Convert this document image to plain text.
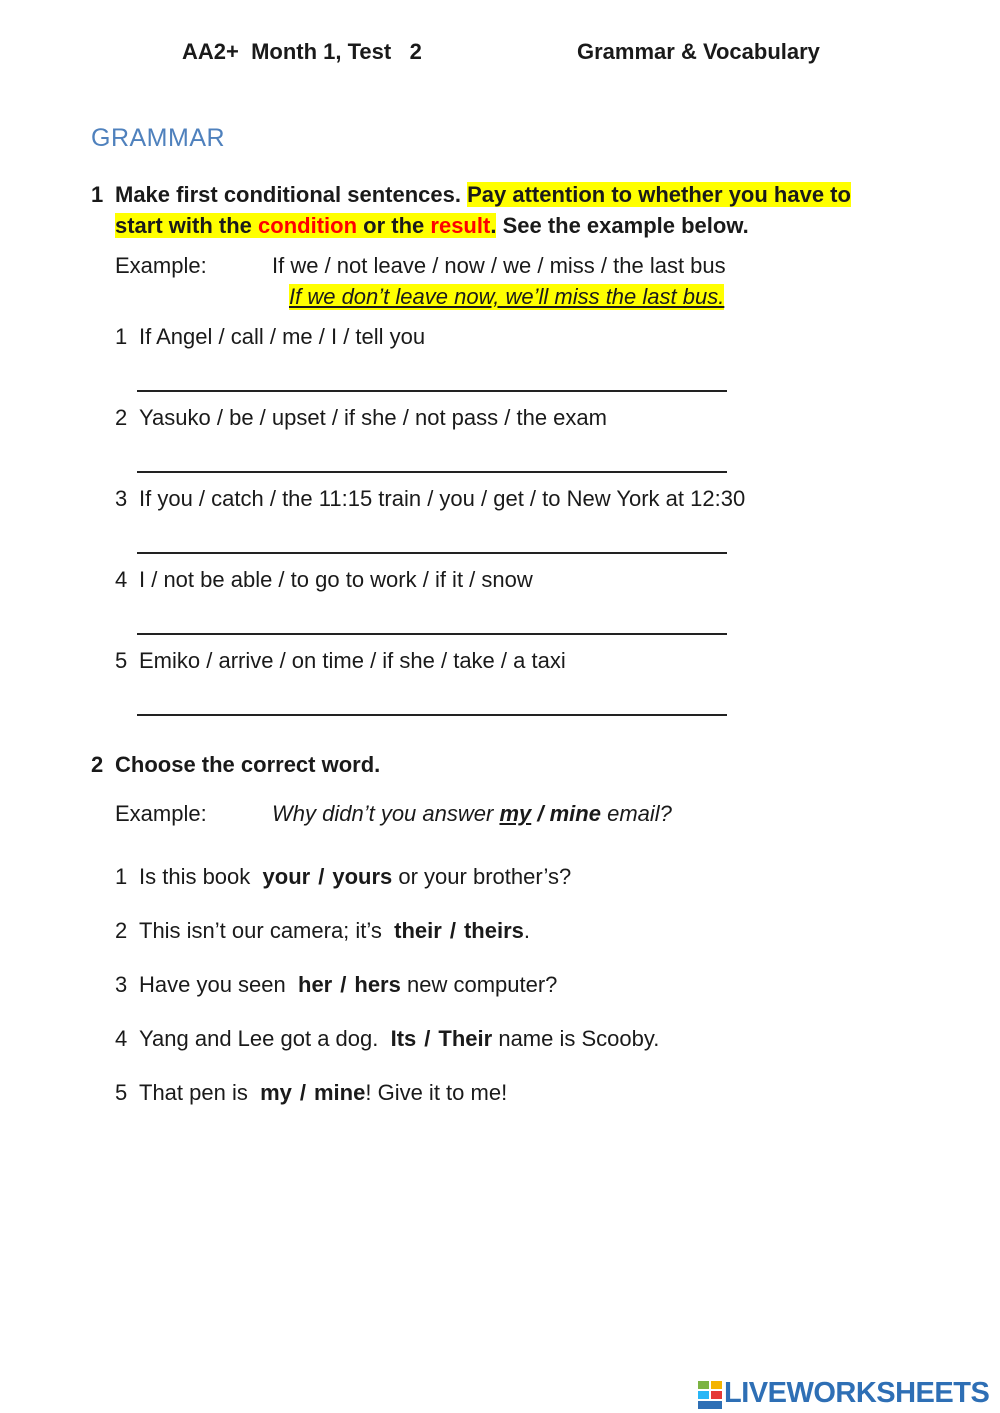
AA2+  Month 1, Test   2	Grammar & Vocabulary
GRAMMAR
1 Make first conditional sentences. Pay attention to whether you have to
start with the condition or the result. See the example below.
Example:	If we / not leave / now / we / miss / the last bus
If we don’t leave now, we’ll miss the last bus.
1 If Angel / call / me / I / tell you
2 Yasuko / be / upset / if she / not pass / the exam
3 If you / catch / the 11:15 train / you / get / to New York at 12:30
4 I / not be able / to go to work / if it / snow
5 Emiko / arrive / on time / if she / take / a taxi
2 Choose the correct word.
Example:	Why didn’t you answer my / mine email?
1 Is this book your / yours or your brother’s?
2 This isn’t our camera; it’s their / theirs.
3 Have you seen her / hers new computer?
4 Yang and Lee got a dog. Its / Their name is Scooby.
5 That pen is my / mine! Give it to me!
LIVEWORKSHEETS
